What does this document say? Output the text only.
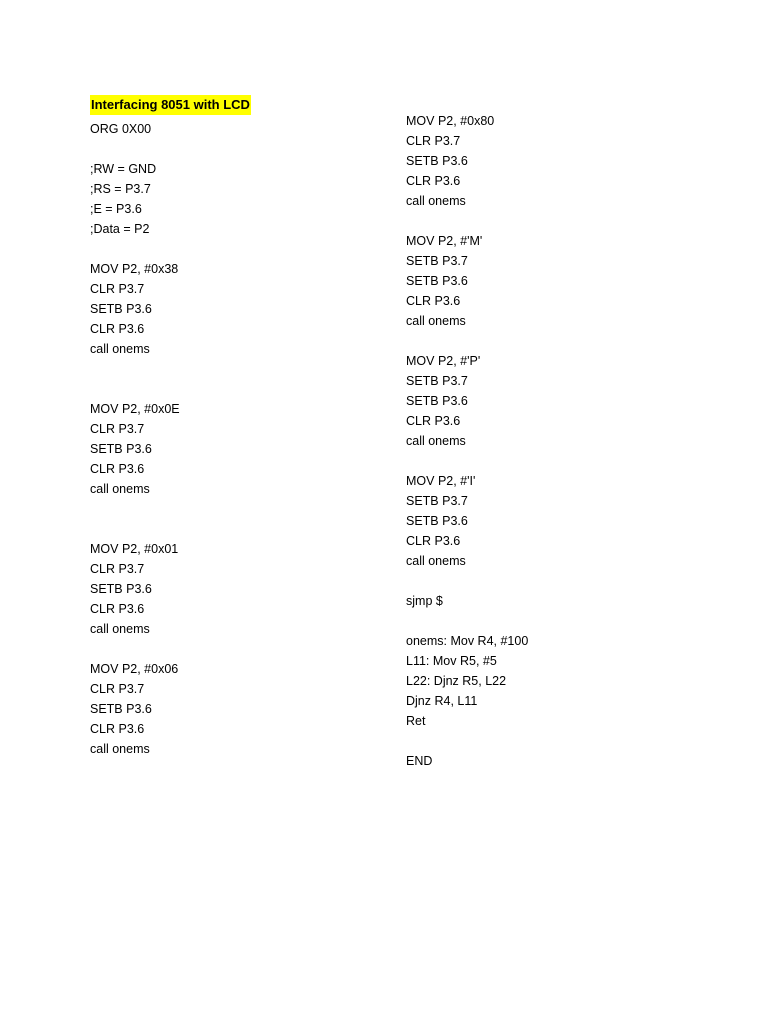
Interfacing 8051 with LCD
ORG 0X00
;RW = GND
;RS = P3.7
;E = P3.6
;Data = P2
MOV P2, #0x38
CLR P3.7
SETB P3.6
CLR P3.6
call onems
MOV P2, #0x0E
CLR P3.7
SETB P3.6
CLR P3.6
call onems
MOV P2, #0x01
CLR P3.7
SETB P3.6
CLR P3.6
call onems
MOV P2, #0x06
CLR P3.7
SETB P3.6
CLR P3.6
call onems
MOV P2, #0x80
CLR P3.7
SETB P3.6
CLR P3.6
call onems
MOV P2, #'M'
SETB P3.7
SETB P3.6
CLR P3.6
call onems
MOV P2, #'P'
SETB P3.7
SETB P3.6
CLR P3.6
call onems
MOV P2, #'I'
SETB P3.7
SETB P3.6
CLR P3.6
call onems
sjmp $
onems: Mov R4, #100
L11: Mov R5, #5
L22: Djnz R5, L22
Djnz R4, L11
Ret
END
